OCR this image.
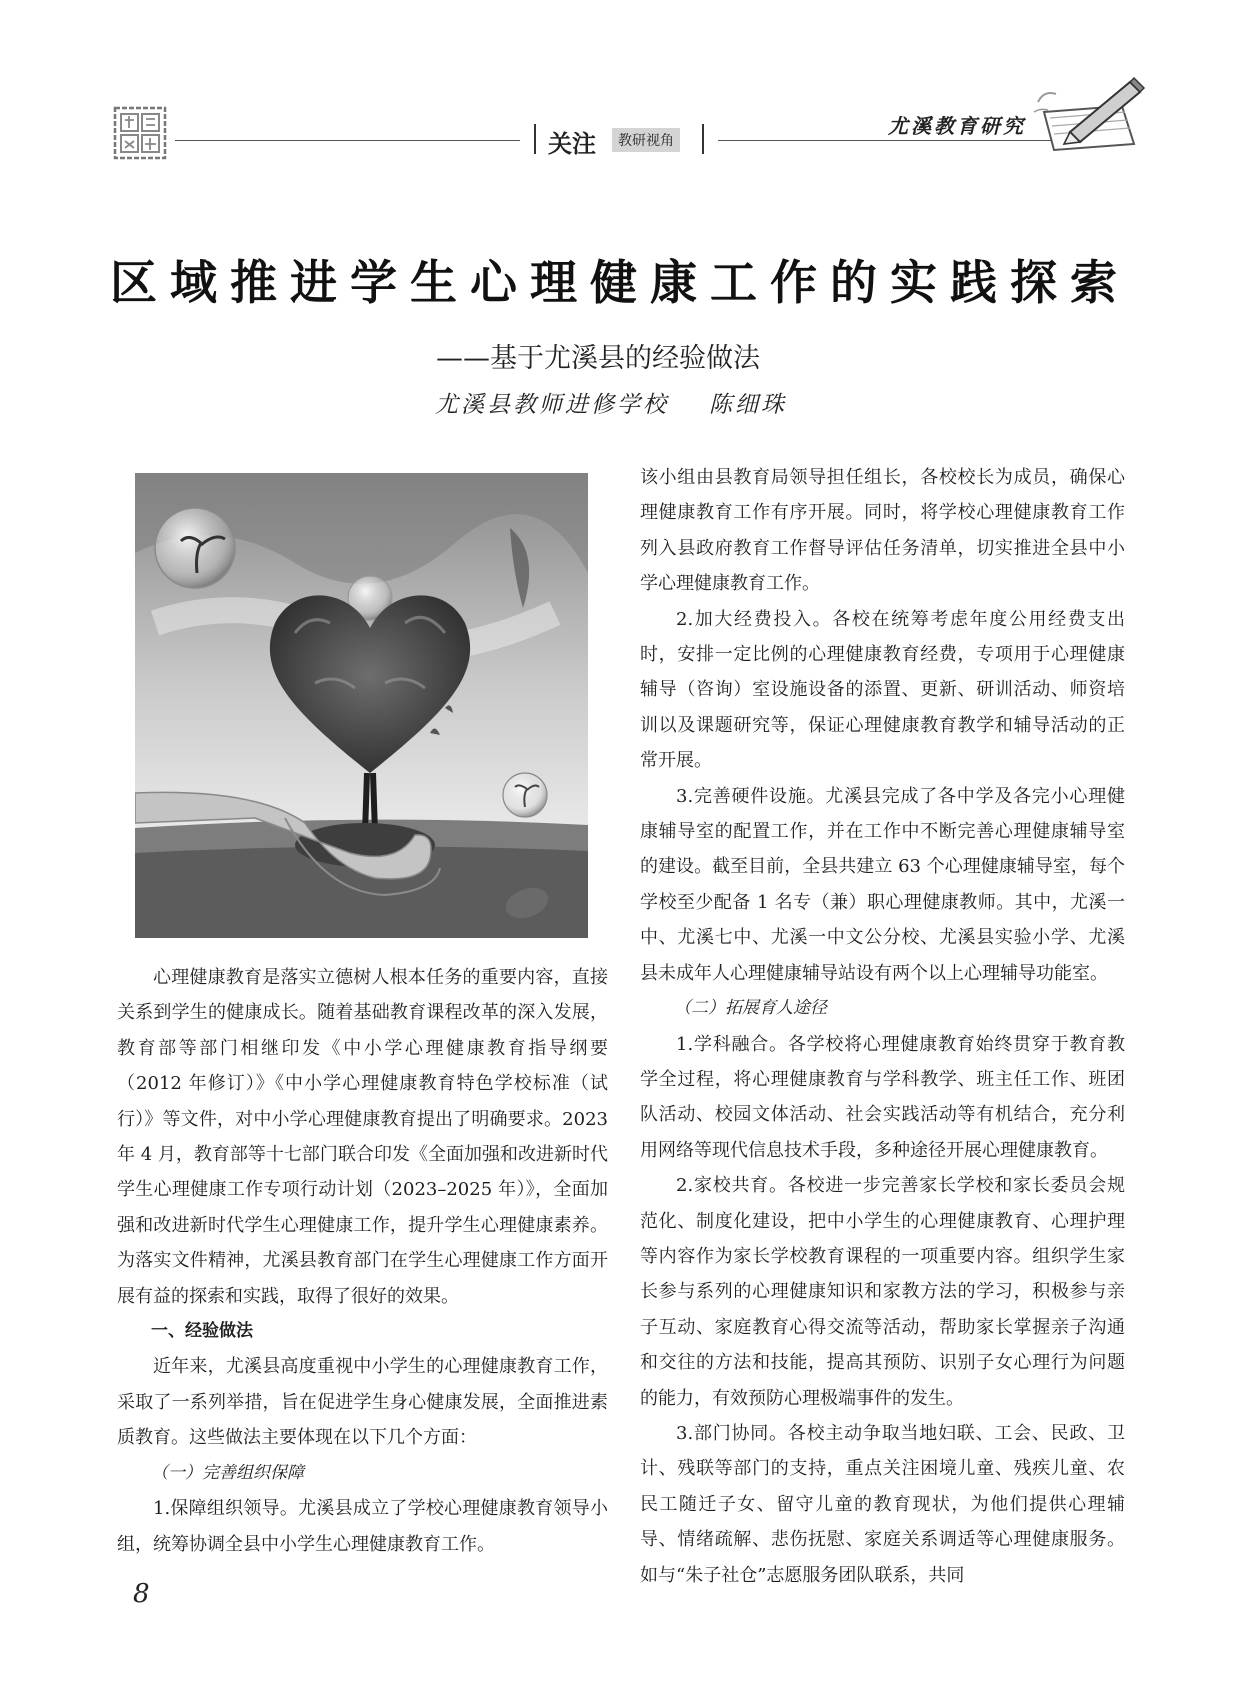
关注	教研视角
尤溪教育研究
区域推进学生心理健康工作的实践探索
——基于尤溪县的经验做法
尤溪县教师进修学校 陈细珠

心理健康教育是落实立德树人根本任务的重要内容，直接关系到学生的健康成长。随着基础教育课程改革的深入发展，教育部等部门相继印发《中小学心理健康教育指导纲要（2012 年修订）》《中小学心理健康教育特色学校标准（试行）》等文件，对中小学心理健康教育提出了明确要求。2023 年 4 月，教育部等十七部门联合印发《全面加强和改进新时代学生心理健康工作专项行动计划（2023–2025 年）》，全面加强和改进新时代学生心理健康工作，提升学生心理健康素养。为落实文件精神，尤溪县教育部门在学生心理健康工作方面开展有益的探索和实践，取得了很好的效果。

一、经验做法

近年来，尤溪县高度重视中小学生的心理健康教育工作，采取了一系列举措，旨在促进学生身心健康发展，全面推进素质教育。这些做法主要体现在以下几个方面：

（一）完善组织保障

1.保障组织领导。尤溪县成立了学校心理健康教育领导小组，统筹协调全县中小学生心理健康教育工作。

该小组由县教育局领导担任组长，各校校长为成员，确保心理健康教育工作有序开展。同时，将学校心理健康教育工作列入县政府教育工作督导评估任务清单，切实推进全县中小学心理健康教育工作。

2.加大经费投入。各校在统筹考虑年度公用经费支出时，安排一定比例的心理健康教育经费，专项用于心理健康辅导（咨询）室设施设备的添置、更新、研训活动、师资培训以及课题研究等，保证心理健康教育教学和辅导活动的正常开展。

3.完善硬件设施。尤溪县完成了各中学及各完小心理健康辅导室的配置工作，并在工作中不断完善心理健康辅导室的建设。截至目前，全县共建立 63 个心理健康辅导室，每个学校至少配备 1 名专（兼）职心理健康教师。其中，尤溪一中、尤溪七中、尤溪一中文公分校、尤溪县实验小学、尤溪县未成年人心理健康辅导站设有两个以上心理辅导功能室。

（二）拓展育人途径

1.学科融合。各学校将心理健康教育始终贯穿于教育教学全过程，将心理健康教育与学科教学、班主任工作、班团队活动、校园文体活动、社会实践活动等有机结合，充分利用网络等现代信息技术手段，多种途径开展心理健康教育。

2.家校共育。各校进一步完善家长学校和家长委员会规范化、制度化建设，把中小学生的心理健康教育、心理护理等内容作为家长学校教育课程的一项重要内容。组织学生家长参与系列的心理健康知识和家教方法的学习，积极参与亲子互动、家庭教育心得交流等活动，帮助家长掌握亲子沟通和交往的方法和技能，提高其预防、识别子女心理行为问题的能力，有效预防心理极端事件的发生。

3.部门协同。各校主动争取当地妇联、工会、民政、卫计、残联等部门的支持，重点关注困境儿童、残疾儿童、农民工随迁子女、留守儿童的教育现状，为他们提供心理辅导、情绪疏解、悲伤抚慰、家庭关系调适等心理健康服务。如与“朱子社仓”志愿服务团队联系，共同

8
